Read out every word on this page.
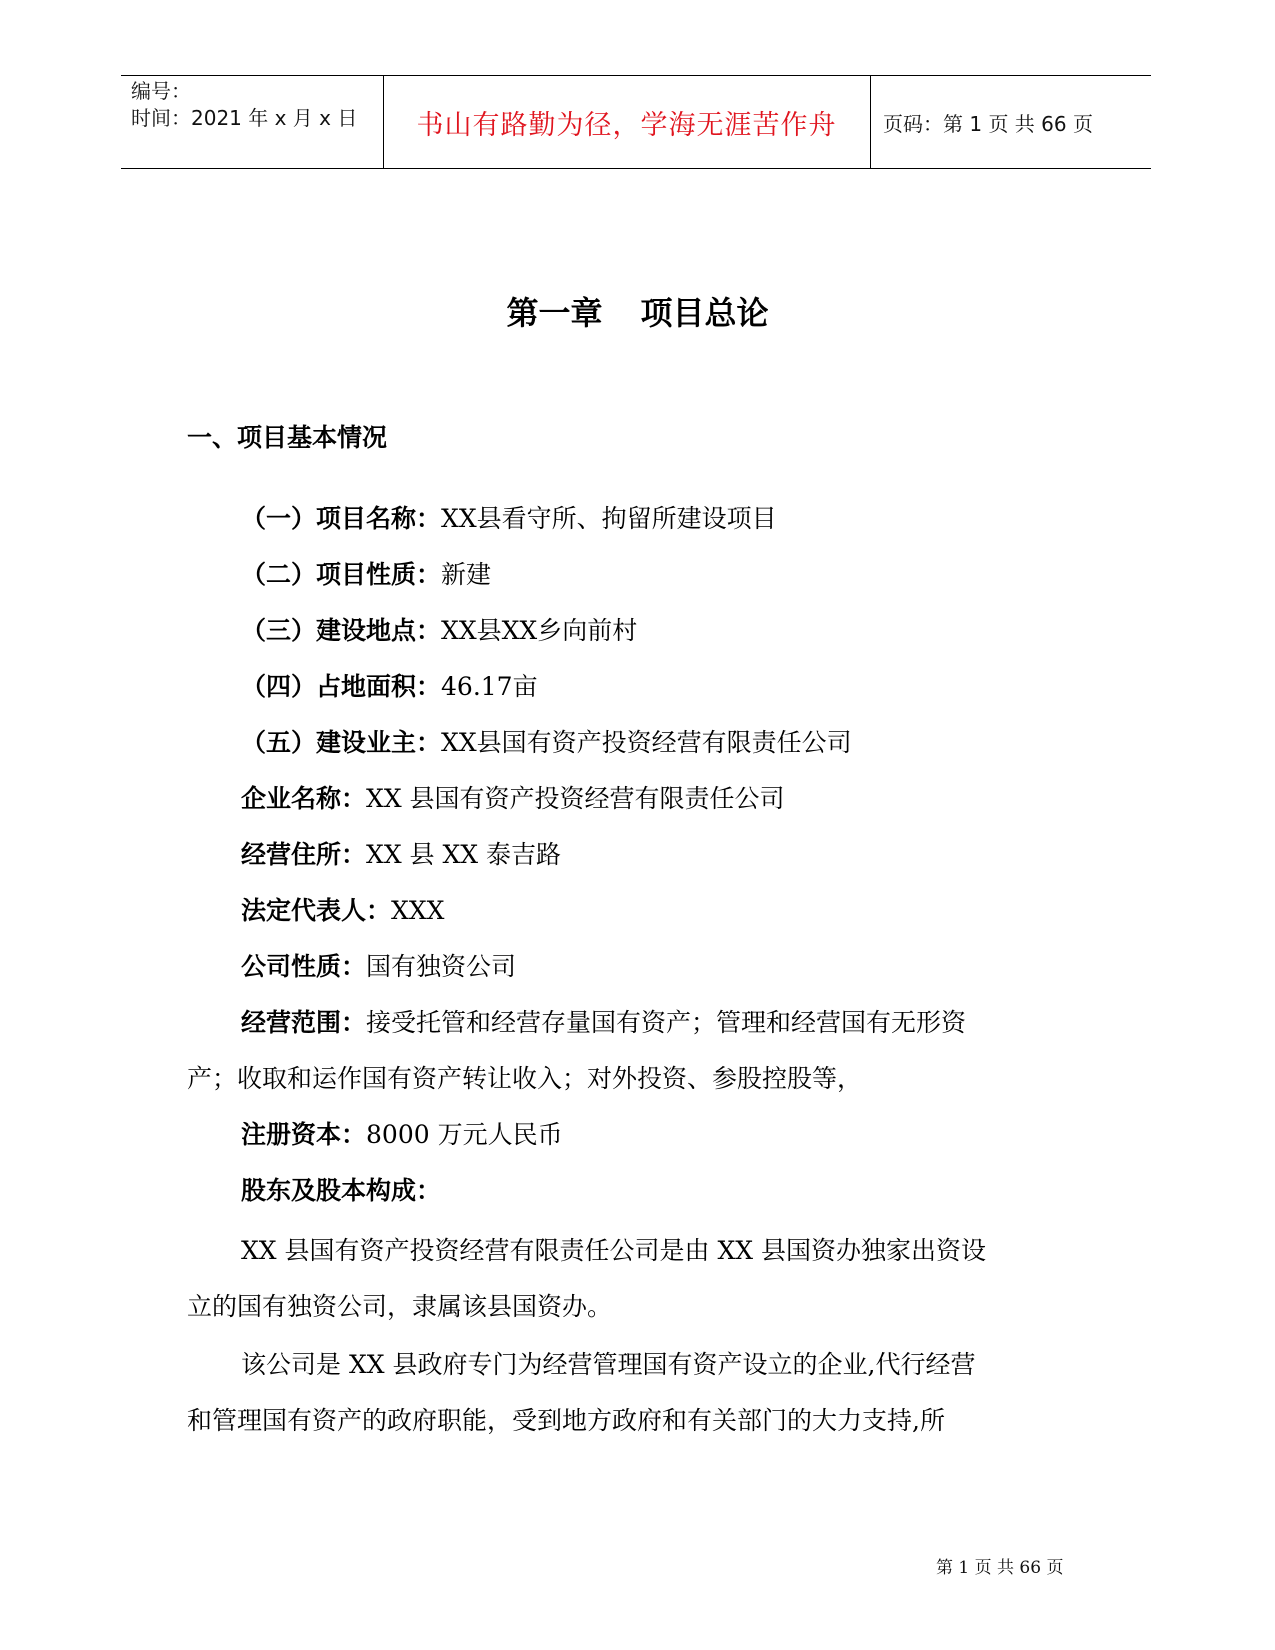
编号：
时间：2021 年 x 月 x 日	书山有路勤为径，学海无涯苦作舟	页码：第 1 页 共 66 页
第一章 项目总论
一、项目基本情况
（一）项目名称：XX县看守所、拘留所建设项目
（二）项目性质：新建
（三）建设地点：XX县XX乡向前村
（四）占地面积：46.17亩
（五）建设业主：XX县国有资产投资经营有限责任公司
企业名称：XX 县国有资产投资经营有限责任公司
经营住所：XX 县 XX 泰吉路
法定代表人：XXX
公司性质：国有独资公司
经营范围：接受托管和经营存量国有资产；管理和经营国有无形资
产；收取和运作国有资产转让收入；对外投资、参股控股等，
注册资本：8000 万元人民币
股东及股本构成：
XX 县国有资产投资经营有限责任公司是由 XX 县国资办独家出资设
立的国有独资公司，隶属该县国资办。
该公司是 XX 县政府专门为经营管理国有资产设立的企业,代行经营
和管理国有资产的政府职能，受到地方政府和有关部门的大力支持,所
第 1 页 共 66 页
